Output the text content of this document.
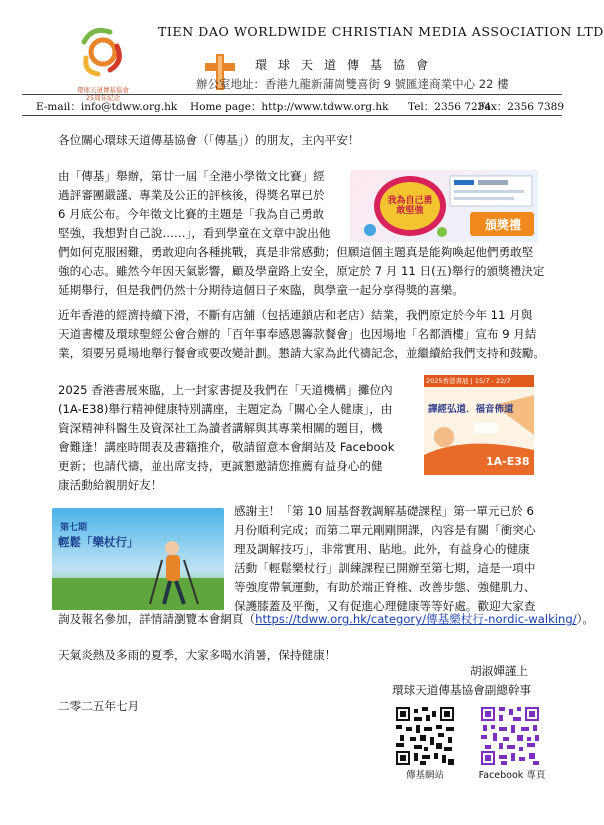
環球天道傳基協會
25周年紀念
TIEN DAO WORLDWIDE CHRISTIAN MEDIA ASSOCIATION LTD
環球天道傳基協會
辦公室地址：香港九龍新蒲崗雙喜街 9 號匯達商業中心 22 樓
E-mail：info@tdww.org.hk Home page：http://www.tdww.org.hk Tel：2356 7234
Fax：2356 7389
各位關心環球天道傳基協會（「傳基」）的朋友，主內平安！
由「傳基」舉辦，第廿一屆「全港小學徵文比賽」經
過評審團嚴謹、專業及公正的評核後，得獎名單已於
6 月底公布。今年徵文比賽的主題是「我為自己勇敢
堅強，我想對自己說……」，看到學童在文章中說出他
們如何克服困難，勇敢迎向各種挑戰，真是非常感動；但願這個主題真是能夠喚起他們勇敢堅
強的心志。雖然今年因天氣影響，顧及學童路上安全，原定於 7 月 11 日(五)舉行的頒獎禮決定
延期舉行，但是我們仍然十分期待這個日子來臨，與學童一起分享得獎的喜樂。
我為自己勇敢堅強
頒獎禮
近年香港的經濟持續下滑，不斷有店舖（包括連鎖店和老店）結業，我們原定於今年 11 月與
天道書樓及環球聖經公會合辦的「百年事奉感恩籌款餐會」也因場地「名都酒樓」宣布 9 月結
業，須要另覓場地舉行餐會或要改變計劃。懇請大家為此代禱記念，並繼續給我們支持和鼓勵。
2025 香港書展來臨，上一封家書提及我們在「天道機構」攤位內
(1A-E38)舉行精神健康特別講座，主題定為「關心全人健康」，由
資深精神科醫生及資深社工為讀者講解與其專業相關的題目，機
會難逢！講座時間表及書籍推介，敬請留意本會網站及 Facebook
更新；也請代禱，並出席支持，更誠懇邀請您推薦有益身心的健
康活動給親朋好友！
2025香港書展 | 15/7 - 22/7
譯經弘道．福音佈道
1A-E38
第七期
輕鬆「樂杖行」
感謝主！「第 10 屆基督教調解基礎課程」第一單元已於 6
月份順利完成；而第二單元剛剛開課，內容是有關「衝突心
理及調解技巧」，非常實用、貼地。此外，有益身心的健康
活動「輕鬆樂杖行」訓練課程已開辦至第七期，這是一項中
等強度帶氧運動，有助於端正脊椎、改善步態、強健肌力、
保護膝蓋及平衡，又有促進心理健康等等好處。歡迎大家查
詢及報名參加，詳情請瀏覽本會網頁（https://tdww.org.hk/category/傳基樂杖行-nordic-walking/）。
天氣炎熱及多雨的夏季，大家多喝水消暑，保持健康！
胡淑嬋謹上
環球天道傳基協會副總幹事
二零二五年七月
傳基網站	Facebook 專頁
